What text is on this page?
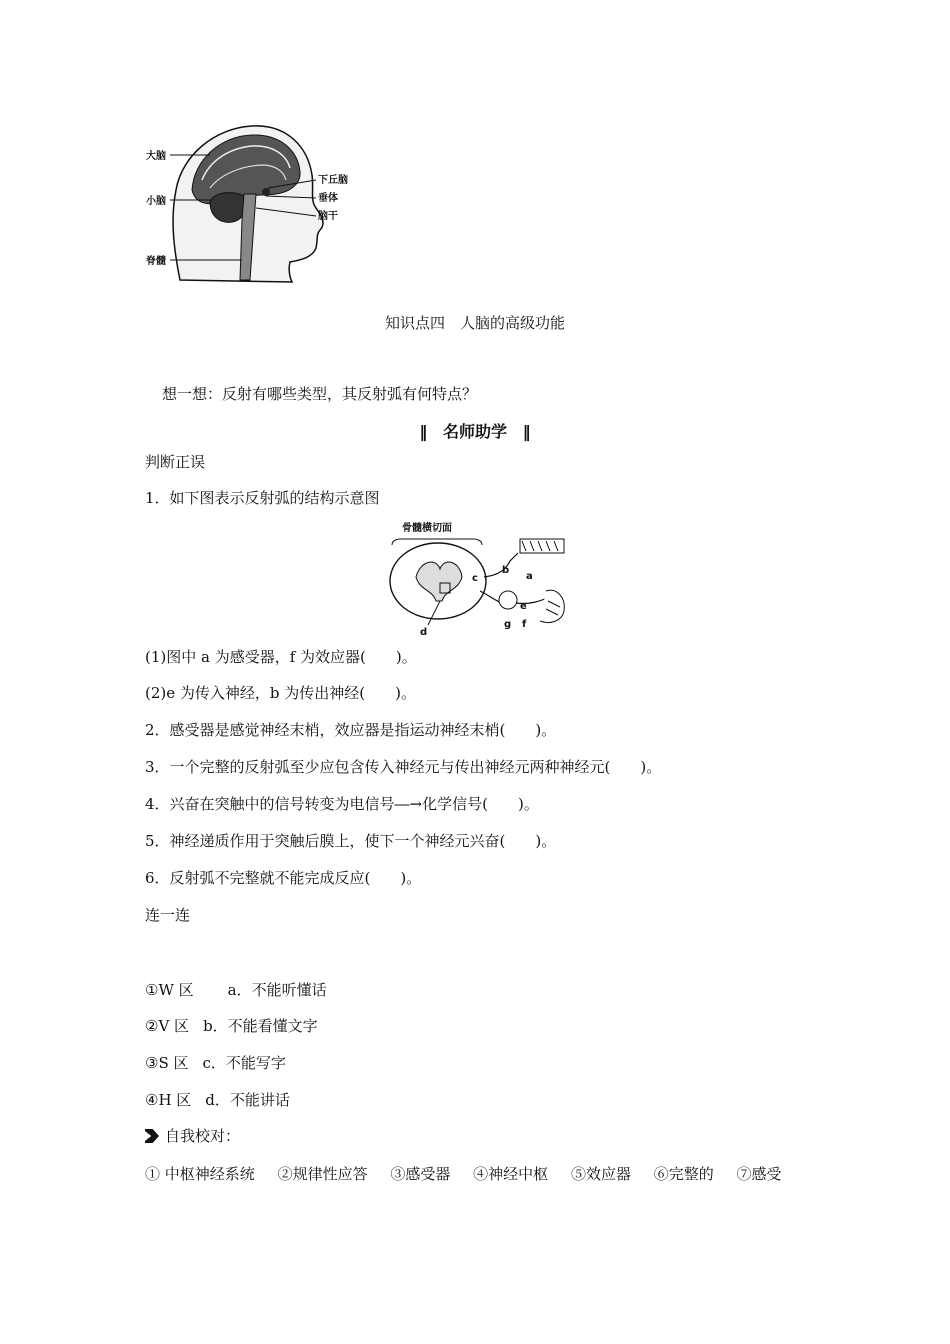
大脑
小脑
脊髓
下丘脑
垂体
脑干
知识点四　人脑的高级功能
想一想：反射有哪些类型，其反射弧有何特点？
‖ 名师助学 ‖
判断正误
1．如下图表示反射弧的结构示意图
骨髓横切面
a
b
c
d
e
f
g
(1)图中 a 为感受器，f 为效应器(　　)。
(2)e 为传入神经，b 为传出神经(　　)。
2．感受器是感觉神经末梢，效应器是指运动神经末梢(　　)。
3．一个完整的反射弧至少应包含传入神经元与传出神经元两种神经元(　　)。
4．兴奋在突触中的信号转变为电信号―→化学信号(　　)。
5．神经递质作用于突触后膜上，使下一个神经元兴奋(　　)。
6．反射弧不完整就不能完成反应(　　)。
连一连
①W 区 a．不能听懂话
②V 区 b．不能看懂文字
③S 区 c．不能写字
④H 区 d．不能讲话
自我校对：
① 中枢神经系统 ②规律性应答 ③感受器 ④神经中枢 ⑤效应器 ⑥完整的 ⑦感受
